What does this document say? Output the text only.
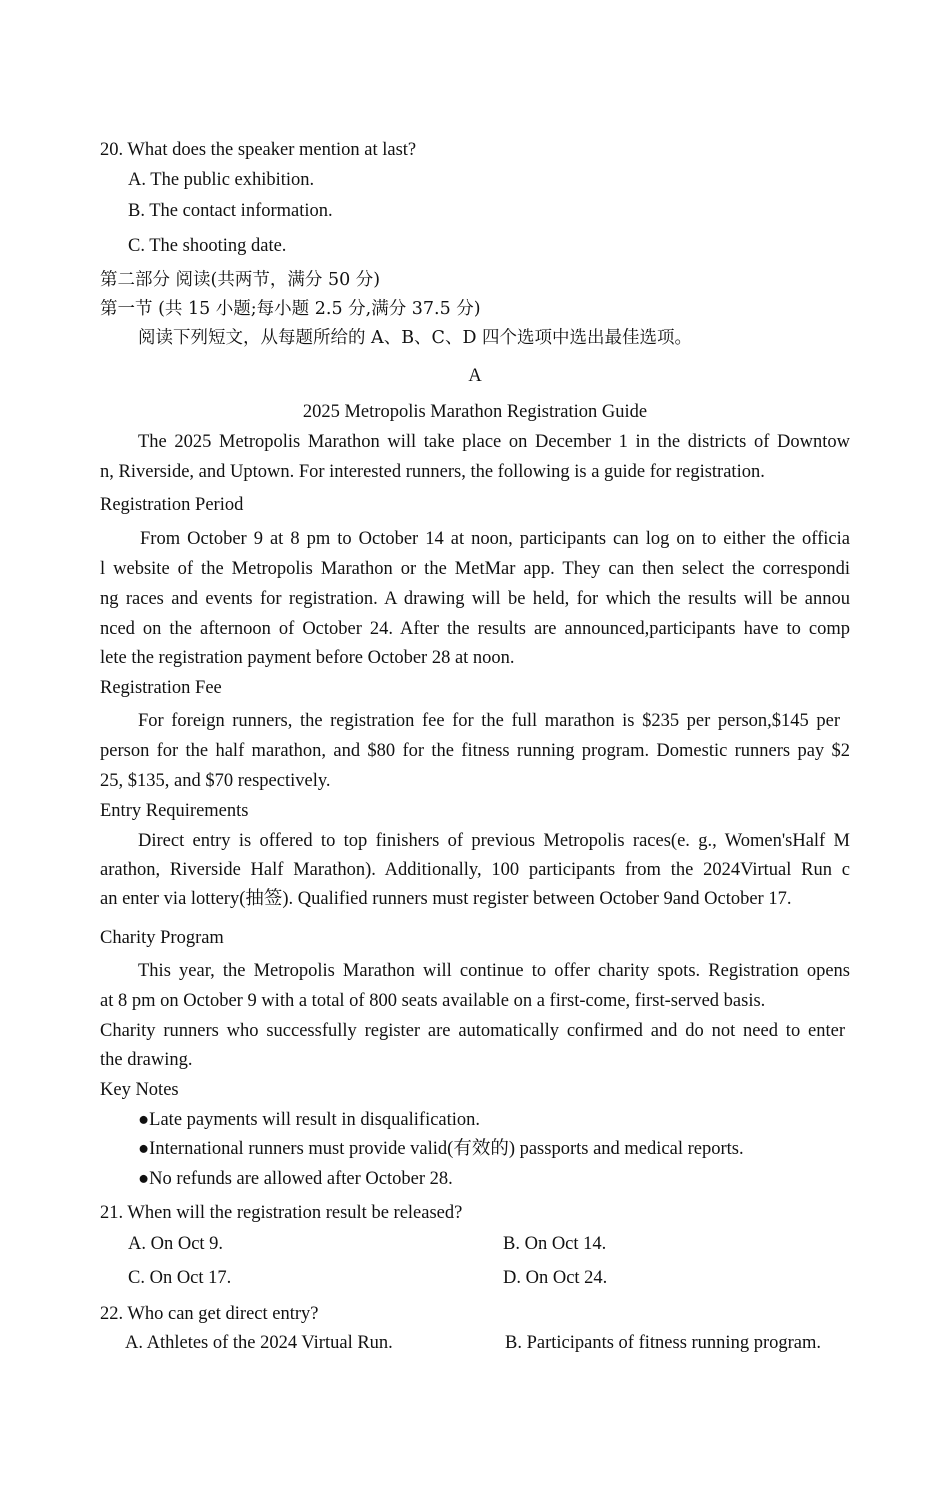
20. What does the speaker mention at last?
A. The public exhibition.
B. The contact information.
C. The shooting date.
第二部分 阅读(共两节，满分 50 分)
第一节 (共 15 小题;每小题 2.5 分,满分 37.5 分)
阅读下列短文，从每题所给的 A、B、C、D 四个选项中选出最佳选项。
A
2025 Metropolis Marathon Registration Guide
The 2025 Metropolis Marathon will take place on December 1 in the districts of Downtow
n, Riverside, and Uptown. For interested runners, the following is a guide for registration.
Registration Period
From October 9 at 8 pm to October 14 at noon, participants can log on to either the officia
l website of the Metropolis Marathon or the MetMar app. They can then select the correspondi
ng races and events for registration. A drawing will be held, for which the results will be annou
nced on the afternoon of October 24. After the results are announced,participants have to comp
lete the registration payment before October 28 at noon.
Registration Fee
For foreign runners, the registration fee for the full marathon is $235 per person,$145 per
person for the half marathon, and $80 for the fitness running program. Domestic runners pay $2
25, $135, and $70 respectively.
Entry Requirements
Direct entry is offered to top finishers of previous Metropolis races(e. g., Women'sHalf M
arathon, Riverside Half Marathon). Additionally, 100 participants from the 2024Virtual Run c
an enter via lottery(抽签). Qualified runners must register between October 9and October 17.
Charity Program
This year, the Metropolis Marathon will continue to offer charity spots. Registration opens
at 8 pm on October 9 with a total of 800 seats available on a first-come, first-served basis.
Charity runners who successfully register are automatically confirmed and do not need to enter
the drawing.
Key Notes
●Late payments will result in disqualification.
●International runners must provide valid(有效的) passports and medical reports.
●No refunds are allowed after October 28.
21. When will the registration result be released?
A. On Oct 9.	B. On Oct 14.
C. On Oct 17.	D. On Oct 24.
22. Who can get direct entry?
A. Athletes of the 2024 Virtual Run.	B. Participants of fitness running program.
